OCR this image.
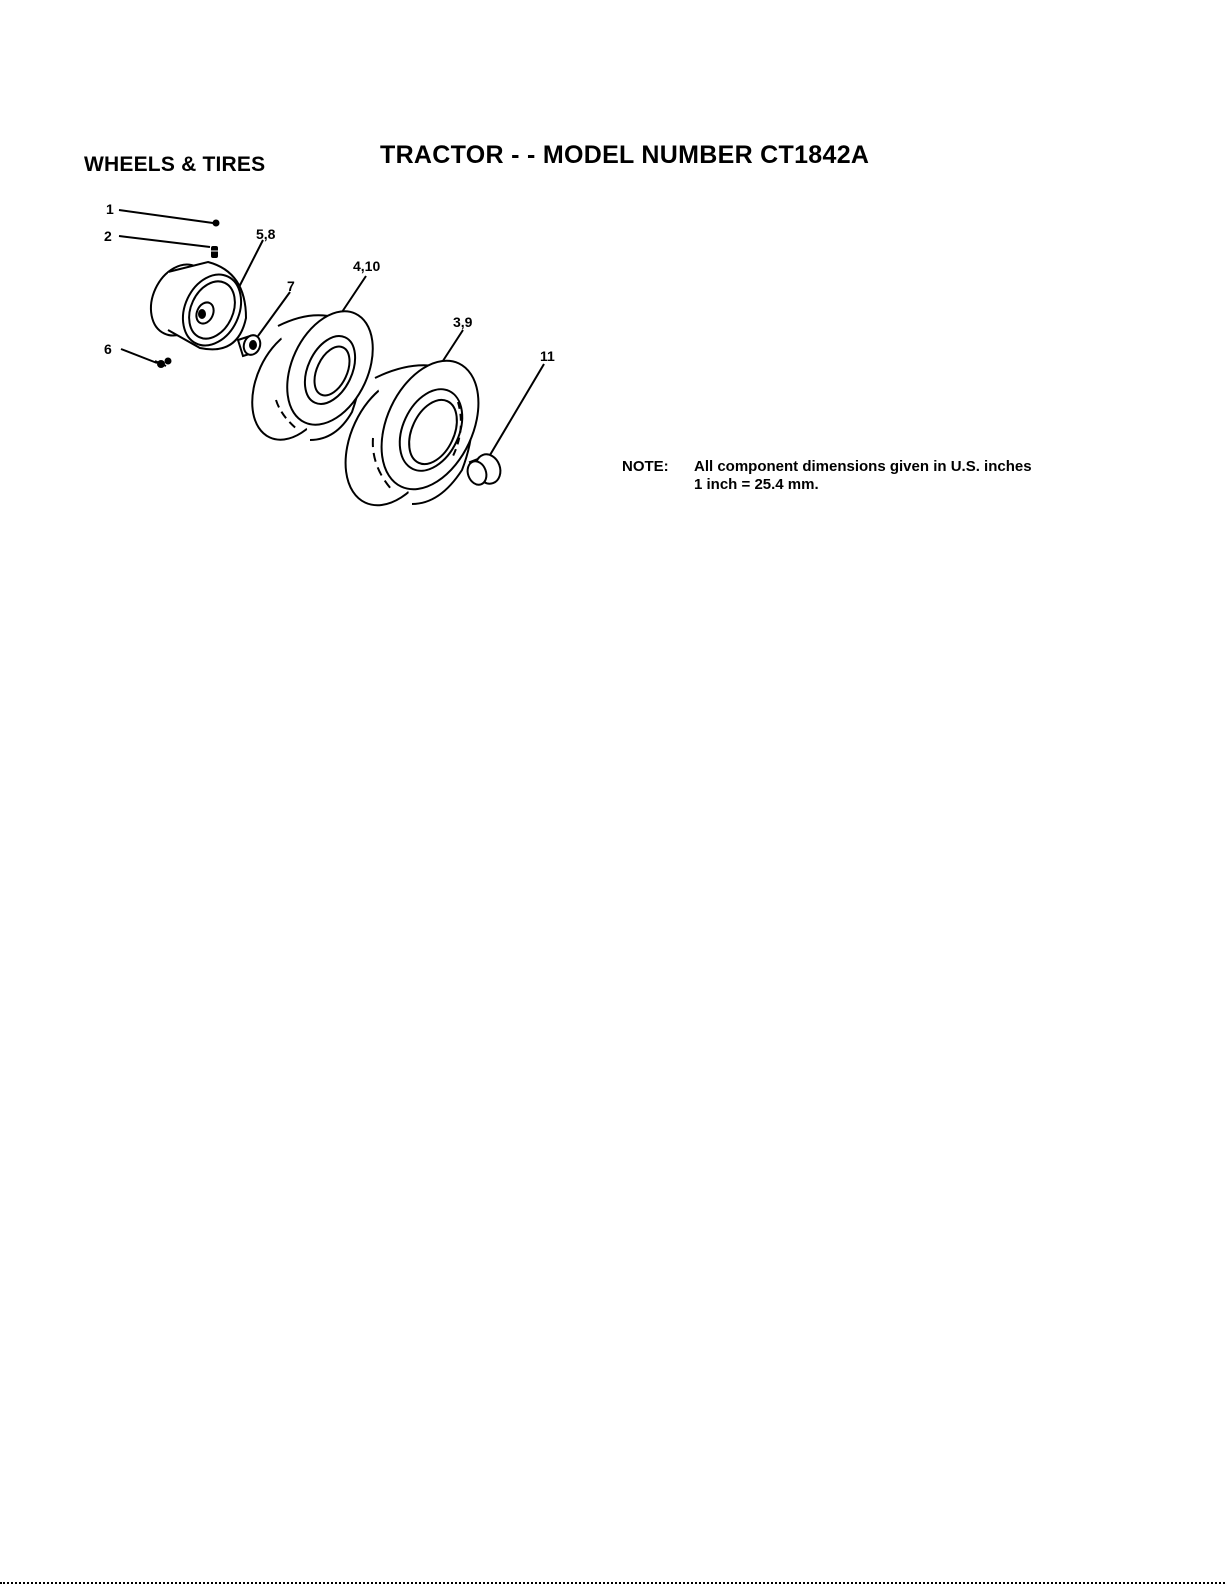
WHEELS & TIRES	TRACTOR - - MODEL NUMBER CT1842A
1
2	5,8
4,10
7
3,9
11
6
NOTE: All component dimensions given in U.S. inches
1 inch = 25.4 mm.
